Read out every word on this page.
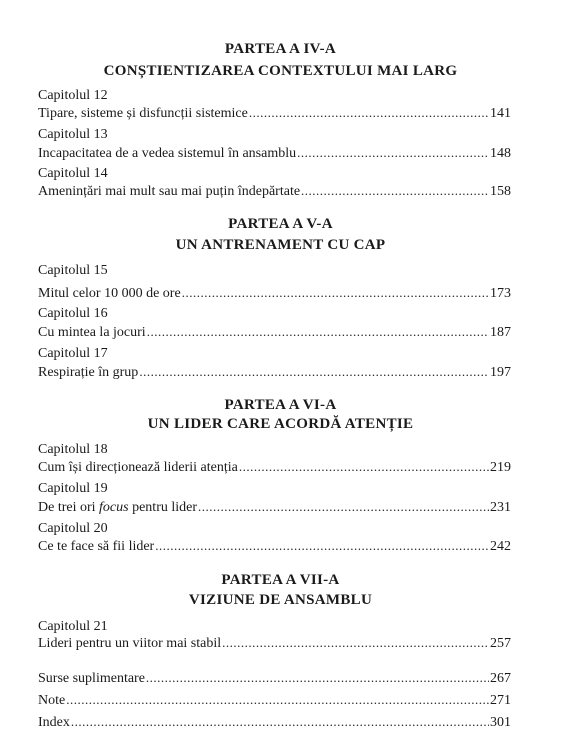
PARTEA A IV-A
CONȘTIENTIZAREA CONTEXTULUI MAI LARG
Capitolul 12
Tipare, sisteme și disfuncții sistemice .....	141
Capitolul 13
Incapacitatea de a vedea sistemul în ansamblu .....	148
Capitolul 14
Amenințări mai mult sau mai puțin îndepărtate .....	158
PARTEA A V-A
UN ANTRENAMENT CU CAP
Capitolul 15
Mitul celor 10 000 de ore .....	173
Capitolul 16
Cu mintea la jocuri .....	187
Capitolul 17
Respirație în grup .....	197
PARTEA A VI-A
UN LIDER CARE ACORDĂ ATENȚIE
Capitolul 18
Cum își direcționează liderii atenția .....	219
Capitolul 19
De trei ori focus pentru lider .....	231
Capitolul 20
Ce te face să fii lider .....	242
PARTEA A VII-A
VIZIUNE DE ANSAMBLU
Capitolul 21
Lideri pentru un viitor mai stabil .....	257
Surse suplimentare .....	267
Note .....	271
Index .....	301
